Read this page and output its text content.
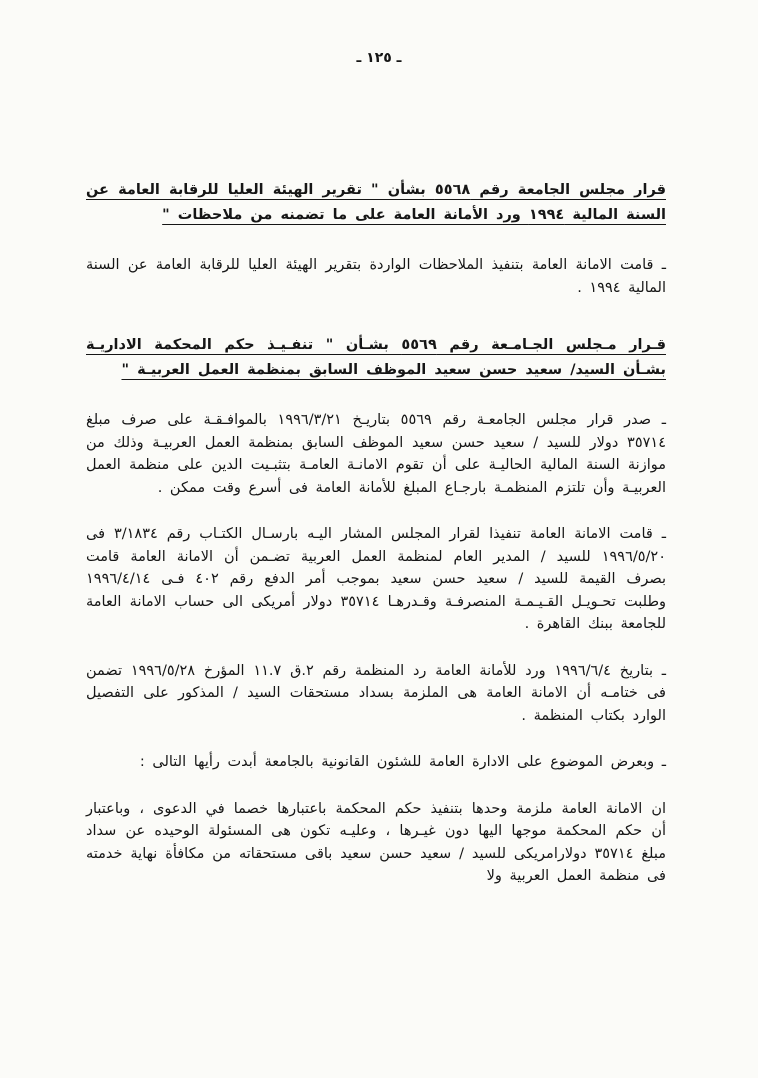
ـ ١٢٥ ـ
قرار مجلس الجامعة رقم ٥٥٦٨ بشأن " تقرير الهيئة العليا للرقابة العامة عن السنة المالية ١٩٩٤ ورد الأمانة العامة على ما تضمنه من ملاحظات "
ـ قامت الامانة العامة بتنفيذ الملاحظات الواردة بتقرير الهيئة العليا للرقابة العامة عن السنة المالية ١٩٩٤ .
قـرار مـجلس الجـامـعة رقم ٥٥٦٩ بشـأن " تنفـيـذ حكم المحكمة الاداريـة بشـأن السيد/ سعيد حسن سعيد الموظف السابق بمنظمة العمل العربيـة "
ـ صدر قرار مجلس الجامعـة رقم ٥٥٦٩ بتاريـخ ١٩٩٦/٣/٢١ بالموافـقـة على صرف مبلغ ٣٥٧١٤ دولار للسيد / سعيد حسن سعيد الموظف السابق بمنظمة العمل العربيـة وذلك من موازنة السنة المالية الحاليـة على أن تقوم الامانـة العامـة بتثبـيت الدين على منظمة العمل العربيـة وأن تلتزم المنظمـة بارجـاع المبلغ للأمانة العامة فى أسرع وقت ممكن .
ـ قامت الامانة العامة تنفيذا لقرار المجلس المشار اليـه بارسـال الكتـاب رقم ٣/١٨٣٤ فى ١٩٩٦/٥/٢٠ للسيد / المدير العام لمنظمة العمل العربية تضـمن أن الامانة العامة قامت بصرف القيمة للسيد / سعيد حسن سعيد بموجب أمر الدفع رقم ٤٠٢ فـى ١٩٩٦/٤/١٤ وطلبت تحـويـل القـيـمـة المنصرفـة وقـدرهـا ٣٥٧١٤ دولار أمريكى الى حساب الامانة العامة للجامعة ببنك القاهرة .
ـ بتاريخ ١٩٩٦/٦/٤ ورد للأمانة العامة رد المنظمة رقم ٢.ق ١١.٧ المؤرخ ١٩٩٦/٥/٢٨ تضمن فى ختامـه أن الامانة العامة هى الملزمة بسداد مستحقات السيد / المذكور على التفصيل الوارد بكتاب المنظمة .
ـ وبعرض الموضوع على الادارة العامة للشئون القانونية بالجامعة أبدت رأيها التالى :
ان الامانة العامة ملزمة وحدها بتنفيذ حكم المحكمة باعتبارها خصما في الدعوى ، وباعتبار أن حكم المحكمة موجها اليها دون غيـرها ، وعليـه تكون هى المسئولة الوحيده عن سداد مبلغ ٣٥٧١٤ دولارامريكى للسيد / سعيد حسن سعيد باقى مستحقاته من مكافأة نهاية خدمته فى منظمة العمل العربية ولا
